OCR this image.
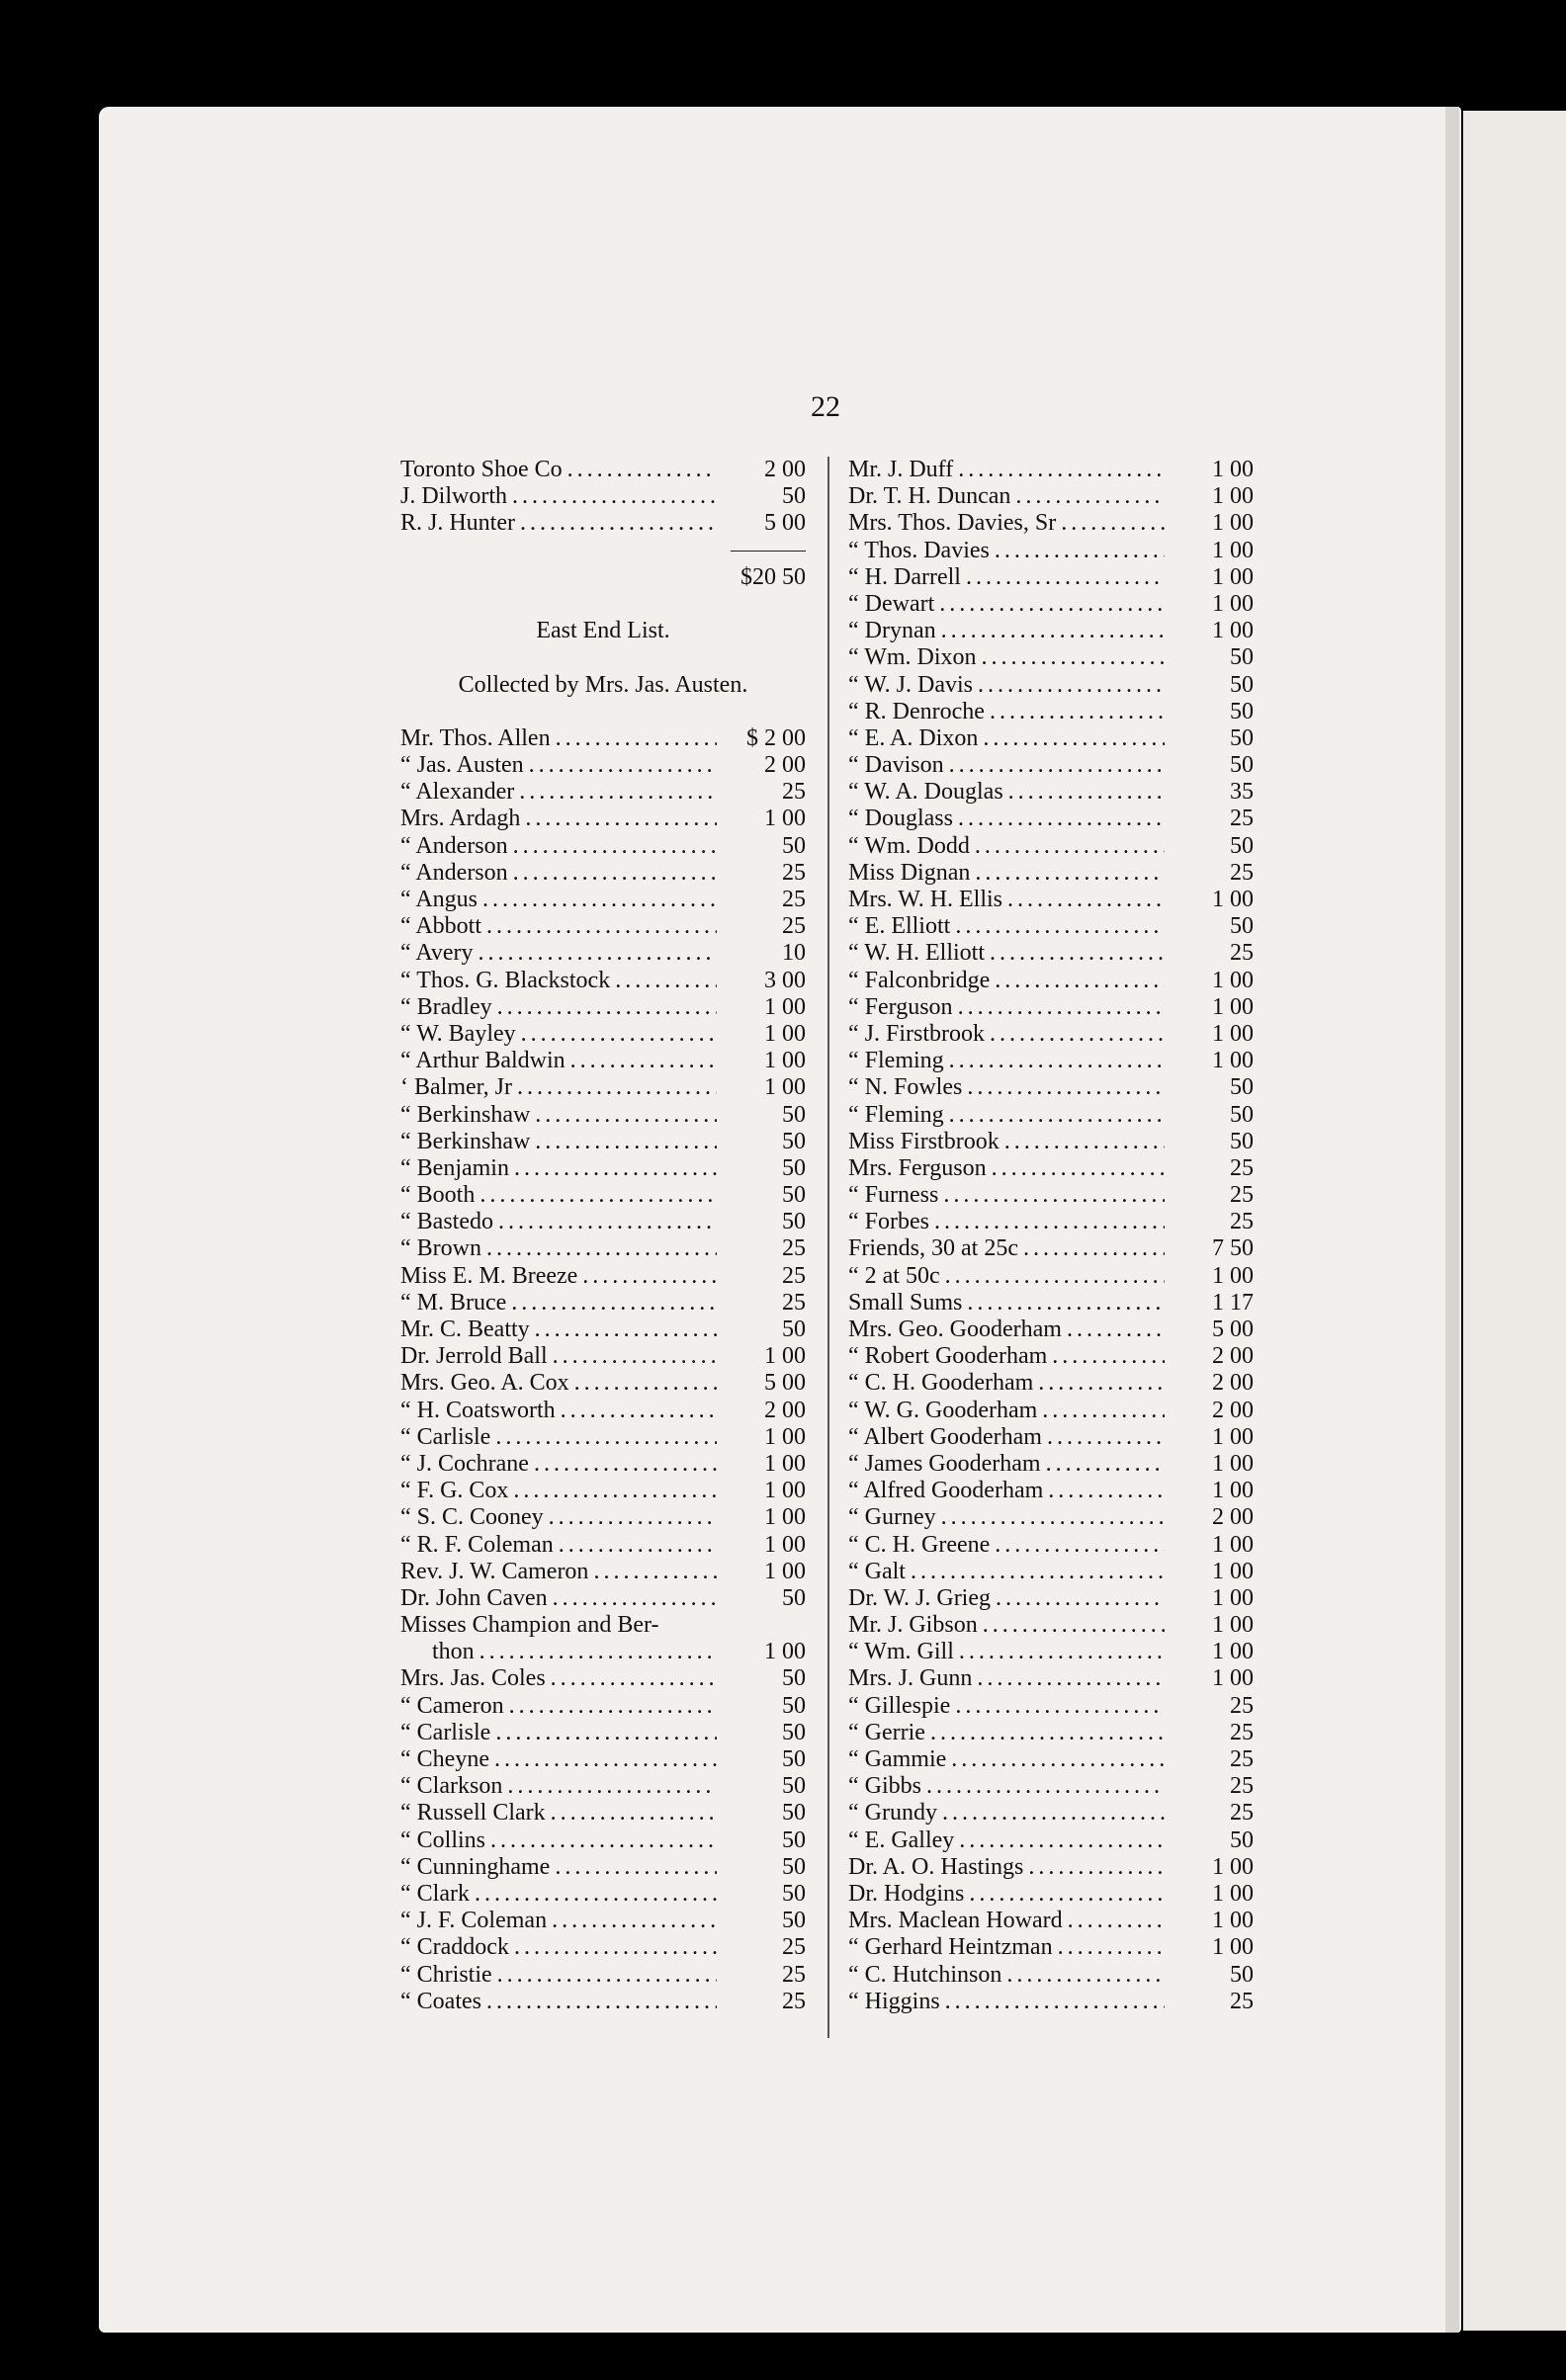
22
Toronto Shoe Co . . .	2 00
J. Dilworth . . .	50
R. J. Hunter . . .	5 00
$20 50
East End List.
Collected by Mrs. Jas. Austen.
Mr. Thos. Allen . . .	$ 2 00
“ Jas. Austen . . .	2 00
“ Alexander . . .	25
Mrs. Ardagh . . .	1 00
“ Anderson . . .	50
“ Anderson . . .	25
“ Angus . . .	25
“ Abbott . . .	25
“ Avery . . .	10
“ Thos. G. Blackstock . . .	3 00
“ Bradley . . .	1 00
“ W. Bayley . . .	1 00
“ Arthur Baldwin . . .	1 00
‘ Balmer, Jr . . .	1 00
“ Berkinshaw . . .	50
“ Berkinshaw . . .	50
“ Benjamin . . .	50
“ Booth . . .	50
“ Bastedo . . .	50
“ Brown . . .	25
Miss E. M. Breeze . . .	25
“ M. Bruce . . .	25
Mr. C. Beatty . . .	50
Dr. Jerrold Ball . . .	1 00
Mrs. Geo. A. Cox . . .	5 00
“ H. Coatsworth . . .	2 00
“ Carlisle . . .	1 00
“ J. Cochrane . . .	1 00
“ F. G. Cox . . .	1 00
“ S. C. Cooney . . .	1 00
“ R. F. Coleman . . .	1 00
Rev. J. W. Cameron . . .	1 00
Dr. John Caven . . .	50
Misses Champion and Ber-
thon . . .	1 00
Mrs. Jas. Coles . . .	50
“ Cameron . . .	50
“ Carlisle . . .	50
“ Cheyne . . .	50
“ Clarkson . . .	50
“ Russell Clark . . .	50
“ Collins . . .	50
“ Cunninghame . . .	50
“ Clark . . .	50
“ J. F. Coleman . . .	50
“ Craddock . . .	25
“ Christie . . .	25
“ Coates . . .	25
Mr. J. Duff . . .	1 00
Dr. T. H. Duncan . . .	1 00
Mrs. Thos. Davies, Sr . . .	1 00
“ Thos. Davies . . .	1 00
“ H. Darrell . . .	1 00
“ Dewart . . .	1 00
“ Drynan . . .	1 00
“ Wm. Dixon . . .	50
“ W. J. Davis . . .	50
“ R. Denroche . . .	50
“ E. A. Dixon . . .	50
“ Davison . . .	50
“ W. A. Douglas . . .	35
“ Douglass . . .	25
“ Wm. Dodd . . .	50
Miss Dignan . . .	25
Mrs. W. H. Ellis . . .	1 00
“ E. Elliott . . .	50
“ W. H. Elliott . . .	25
“ Falconbridge . . .	1 00
“ Ferguson . . .	1 00
“ J. Firstbrook . . .	1 00
“ Fleming . . .	1 00
“ N. Fowles . . .	50
“ Fleming . . .	50
Miss Firstbrook . . .	50
Mrs. Ferguson . . .	25
“ Furness . . .	25
“ Forbes . . .	25
Friends, 30 at 25c . . .	7 50
“ 2 at 50c . . .	1 00
Small Sums . . .	1 17
Mrs. Geo. Gooderham . . .	5 00
“ Robert Gooderham . . .	2 00
“ C. H. Gooderham . . .	2 00
“ W. G. Gooderham . . .	2 00
“ Albert Gooderham . . .	1 00
“ James Gooderham . . .	1 00
“ Alfred Gooderham . . .	1 00
“ Gurney . . .	2 00
“ C. H. Greene . . .	1 00
“ Galt . . .	1 00
Dr. W. J. Grieg . . .	1 00
Mr. J. Gibson . . .	1 00
“ Wm. Gill . . .	1 00
Mrs. J. Gunn . . .	1 00
“ Gillespie . . .	25
“ Gerrie . . .	25
“ Gammie . . .	25
“ Gibbs . . .	25
“ Grundy . . .	25
“ E. Galley . . .	50
Dr. A. O. Hastings . . .	1 00
Dr. Hodgins . . .	1 00
Mrs. Maclean Howard . . .	1 00
“ Gerhard Heintzman . . .	1 00
“ C. Hutchinson . . .	50
“ Higgins . . .	25
